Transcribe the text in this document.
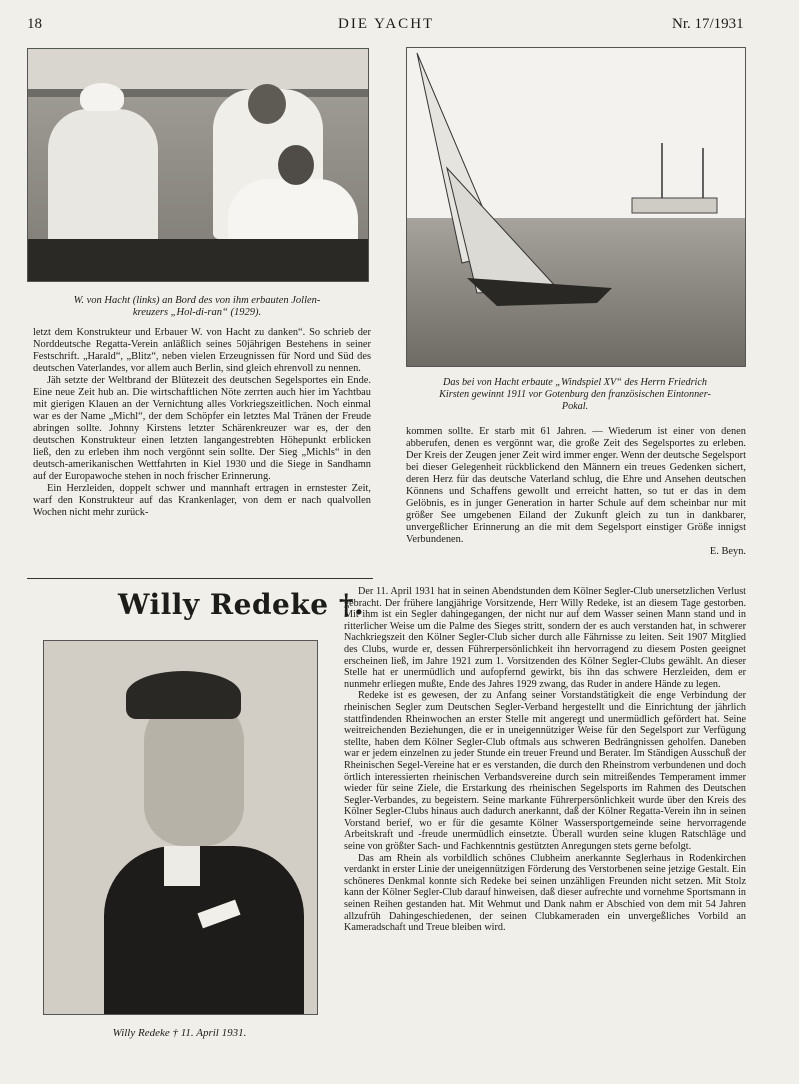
18	DIE YACHT	Nr. 17/1931
W. von Hacht (links) an Bord des von ihm erbauten Jollen-
kreuzers „Hol-di-ran“ (1929).
Das bei von Hacht erbaute „Windspiel XV“ des Herrn Friedrich
Kirsten gewinnt 1911 vor Gotenburg den französischen Eintonner-
Pokal.

letzt dem Konstrukteur und Erbauer W. von Hacht zu danken“. So schrieb der Norddeutsche Regatta-Verein anläßlich seines 50jährigen Bestehens in seiner Festschrift. „Harald“, „Blitz“, neben vielen Erzeugnissen für Nord und Süd des deutschen Vaterlandes, vor allem auch Berlin, sind gleich ehrenvoll zu nennen.

Jäh setzte der Weltbrand der Blütezeit des deutschen Segelsportes ein Ende. Eine neue Zeit hub an. Die wirtschaftlichen Nöte zerrten auch hier im Yachtbau mit gierigen Klauen an der Vernichtung alles Vorkriegszeitlichen. Noch einmal war es der Name „Michl“, der dem Schöpfer ein letztes Mal Tränen der Freude abringen sollte. Johnny Kirstens letzter Schärenkreuzer war es, der den deutschen Konstrukteur einen letzten langangestrebten Höhepunkt erblicken ließ, den zu erleben ihm noch vergönnt sein sollte. Der Sieg „Michls“ in den deutsch-amerikanischen Wettfahrten in Kiel 1930 und die Siege in Sandhamn auf der Europawoche stehen in noch frischer Erinnerung.

Ein Herzleiden, doppelt schwer und mannhaft ertragen in ernstester Zeit, warf den Konstrukteur auf das Krankenlager, von dem er nach qualvollen Wochen nicht mehr zurück-

kommen sollte. Er starb mit 61 Jahren. — Wiederum ist einer von denen abberufen, denen es vergönnt war, die große Zeit des Segelsportes zu erleben. Der Kreis der Zeugen jener Zeit wird immer enger. Wenn der deutsche Segelsport bei dieser Gelegenheit rückblickend den Männern ein treues Gedenken sichert, deren Herz für das deutsche Vaterland schlug, die Ehre und Ansehen deutschen Könnens und Schaffens gewollt und erreicht hatten, so tut er das in dem Gelöbnis, es in junger Generation in harter Schule auf dem scheinbar nur mit größer See umgebenen Eiland der Zukunft gleich zu tun in dankbarer, unvergeßlicher Erinnerung an die mit dem Segelsport einstiger Größe innigst Verbundenen.

E. Beyn.

Willy Redeke †.
Willy Redeke † 11. April 1931.

Der 11. April 1931 hat in seinen Abendstunden dem Kölner Segler-Club unersetzlichen Verlust gebracht. Der frühere langjährige Vorsitzende, Herr Willy Redeke, ist an diesem Tage gestorben. Mit ihm ist ein Segler dahingegangen, der nicht nur auf dem Wasser seinen Mann stand und in ritterlicher Weise um die Palme des Sieges stritt, sondern der es auch verstanden hat, in schwerer Nachkriegszeit den Kölner Segler-Club sicher durch alle Fährnisse zu leiten. Seit 1907 Mitglied des Clubs, wurde er, dessen Führerpersönlichkeit ihn hervorragend zu diesem Posten geeignet erscheinen ließ, im Jahre 1921 zum 1. Vorsitzenden des Kölner Segler-Clubs gewählt. An dieser Stelle hat er unermüdlich und aufopfernd gewirkt, bis ihn das schwere Herzleiden, dem er nunmehr erliegen mußte, Ende des Jahres 1929 zwang, das Ruder in andere Hände zu legen.

Redeke ist es gewesen, der zu Anfang seiner Vorstandstätigkeit die enge Verbindung der rheinischen Segler zum Deutschen Segler-Verband hergestellt und die Einrichtung der jährlich stattfindenden Rheinwochen an erster Stelle mit angeregt und unermüdlich gefördert hat. Seine weitreichenden Beziehungen, die er in uneigennütziger Weise für den Segelsport zur Verfügung stellte, haben dem Kölner Segler-Club oftmals aus schweren Bedrängnissen geholfen. Daneben war er jedem einzelnen zu jeder Stunde ein treuer Freund und Berater. Im Ständigen Ausschuß der Rheinischen Segel-Vereine hat er es verstanden, die durch den Rheinstrom verbundenen und doch örtlich interessierten rheinischen Verbandsvereine durch sein mitreißendes Temperament immer wieder für seine Ziele, die Erstarkung des rheinischen Segelsports im Rahmen des Deutschen Segler-Verbandes, zu begeistern. Seine markante Führerpersönlichkeit wurde über den Kreis des Kölner Segler-Clubs hinaus auch dadurch anerkannt, daß der Kölner Regatta-Verein ihn in seinen Vorstand berief, wo er für die gesamte Kölner Wassersportgemeinde seine hervorragende Arbeitskraft und -freude unermüdlich einsetzte. Überall wurden seine klugen Ratschläge und seine von größter Sach- und Fachkenntnis gestützten Anregungen stets gerne befolgt.

Das am Rhein als vorbildlich schönes Clubheim anerkannte Seglerhaus in Rodenkirchen verdankt in erster Linie der uneigennützigen Förderung des Verstorbenen seine jetzige Gestalt. Ein schöneres Denkmal konnte sich Redeke bei seinen unzähligen Freunden nicht setzen. Mit Stolz kann der Kölner Segler-Club darauf hinweisen, daß dieser aufrechte und vornehme Sportsmann in seinen Reihen gestanden hat. Mit Wehmut und Dank nahm er Abschied von dem mit 54 Jahren allzufrüh Dahingeschiedenen, der seinen Clubkameraden ein unvergeßliches Vorbild an Kameradschaft und Treue bleiben wird.
